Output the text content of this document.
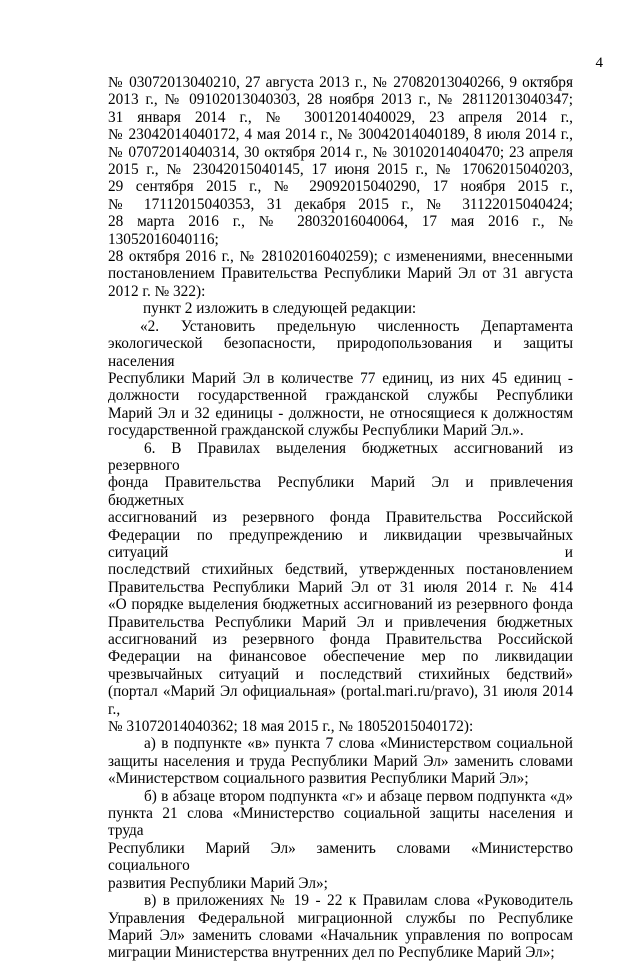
4
№ 03072013040210, 27 августа 2013 г., № 27082013040266, 9 октября
2013 г., № 09102013040303, 28 ноября 2013 г., № 28112013040347;
31 января 2014 г., № 30012014040029, 23 апреля 2014 г.,
№ 23042014040172, 4 мая 2014 г., № 30042014040189, 8 июля 2014 г.,
№ 07072014040314, 30 октября 2014 г., № 30102014040470; 23 апреля
2015 г., № 23042015040145, 17 июня 2015 г., № 17062015040203,
29 сентября 2015 г., № 29092015040290, 17 ноября 2015 г.,
№ 17112015040353, 31 декабря 2015 г., № 31122015040424;
28 марта 2016 г., № 28032016040064, 17 мая 2016 г., № 13052016040116;
28 октября 2016 г., № 28102016040259); с изменениями, внесенными
постановлением Правительства Республики Марий Эл от 31 августа
2012 г. № 322):
пункт 2 изложить в следующей редакции:
«2. Установить предельную численность Департамента
экологической безопасности, природопользования и защиты населения
Республики Марий Эл в количестве 77 единиц, из них 45 единиц -
должности государственной гражданской службы Республики
Марий Эл и 32 единицы - должности, не относящиеся к должностям
государственной гражданской службы Республики Марий Эл.».
6. В Правилах выделения бюджетных ассигнований из резервного
фонда Правительства Республики Марий Эл и привлечения бюджетных
ассигнований из резервного фонда Правительства Российской
Федерации по предупреждению и ликвидации чрезвычайных ситуаций и
последствий стихийных бедствий, утвержденных постановлением
Правительства Республики Марий Эл от 31 июля 2014 г. № 414
«О порядке выделения бюджетных ассигнований из резервного фонда
Правительства Республики Марий Эл и привлечения бюджетных
ассигнований из резервного фонда Правительства Российской
Федерации на финансовое обеспечение мер по ликвидации
чрезвычайных ситуаций и последствий стихийных бедствий»
(портал «Марий Эл официальная» (portal.mari.ru/pravo), 31 июля 2014 г.,
№ 31072014040362; 18 мая 2015 г., № 18052015040172):
а) в подпункте «в» пункта 7 слова «Министерством социальной
защиты населения и труда Республики Марий Эл» заменить словами
«Министерством социального развития Республики Марий Эл»;
б) в абзаце втором подпункта «г» и абзаце первом подпункта «д»
пункта 21 слова «Министерство социальной защиты населения и труда
Республики Марий Эл» заменить словами «Министерство социального
развития Республики Марий Эл»;
в) в приложениях № 19 - 22 к Правилам слова «Руководитель
Управления Федеральной миграционной службы по Республике
Марий Эл» заменить словами «Начальник управления по вопросам
миграции Министерства внутренних дел по Республике Марий Эл»;
